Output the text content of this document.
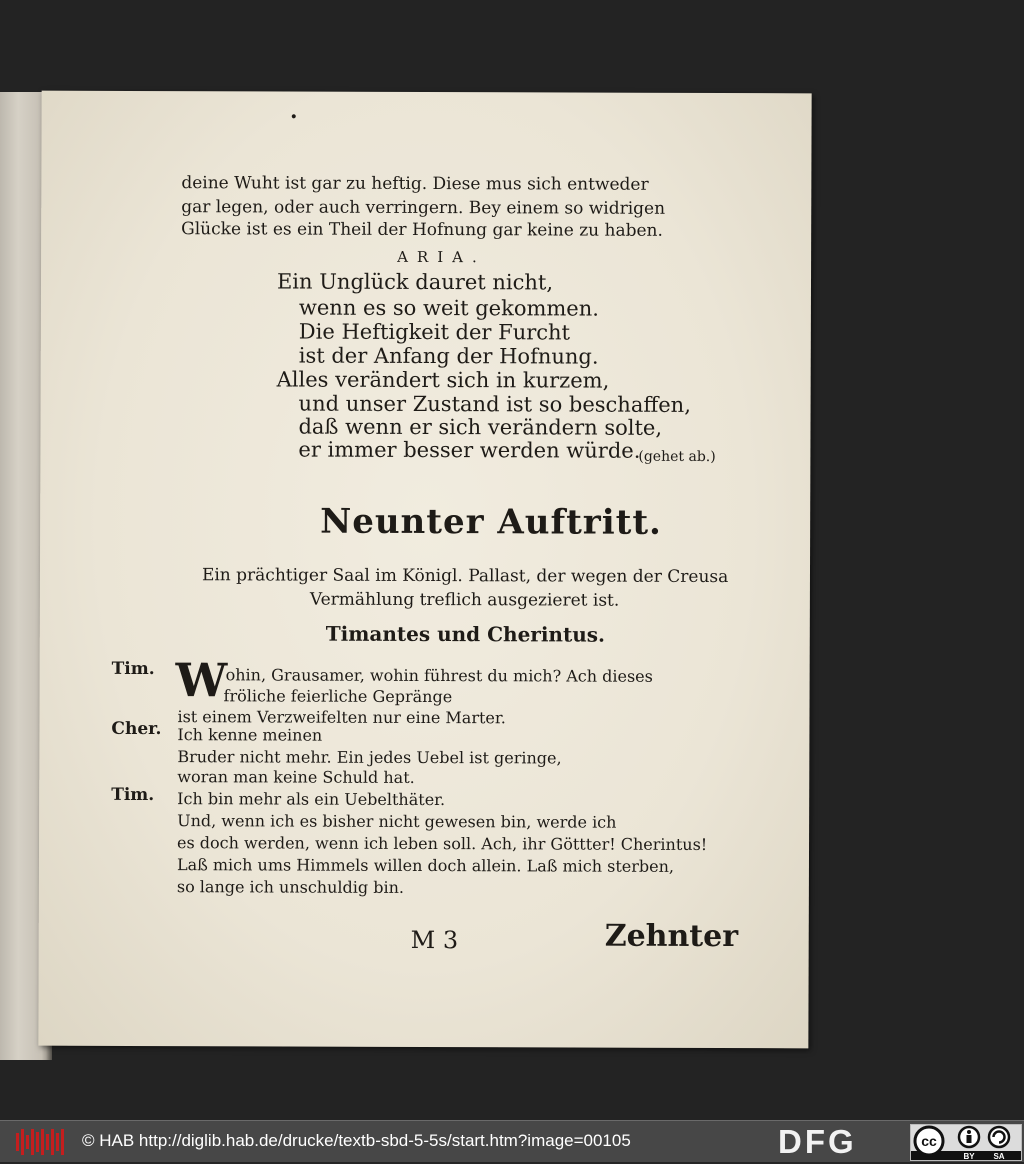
•
deine Wuht ist gar zu heftig. Diese mus sich entweder
gar legen, oder auch verringern. Bey einem so widrigen
Glücke ist es ein Theil der Hofnung gar keine zu haben.
ARIA.
Ein Unglück dauret nicht,
wenn es so weit gekommen.
Die Heftigkeit der Furcht
ist der Anfang der Hofnung.
Alles verändert sich in kurzem,
und unser Zustand ist so beschaffen,
daß wenn er sich verändern solte,
er immer besser werden würde.
(gehet ab.)
Neunter Auftritt.
Ein prächtiger Saal im Königl. Pallast, der wegen der Creusa
Vermählung treflich ausgezieret ist.
Timantes und Cherintus.
Tim. W
ohin, Grausamer, wohin führest du mich? Ach dieses
fröliche feierliche Gepränge
ist einem Verzweifelten nur eine Marter.
Cher. Ich kenne meinen
Bruder nicht mehr. Ein jedes Uebel ist geringe,
woran man keine Schuld hat.
Tim. Ich bin mehr als ein Uebelthäter.
Und, wenn ich es bisher nicht gewesen bin, werde ich
es doch werden, wenn ich leben soll. Ach, ihr Göttter! Cherintus!
Laß mich ums Himmels willen doch allein. Laß mich sterben,
so lange ich unschuldig bin.
M 3	Zehnter
© HAB http://diglib.hab.de/drucke/textb-sbd-5-5s/start.htm?image=00105	DFG	cc
BY SA
